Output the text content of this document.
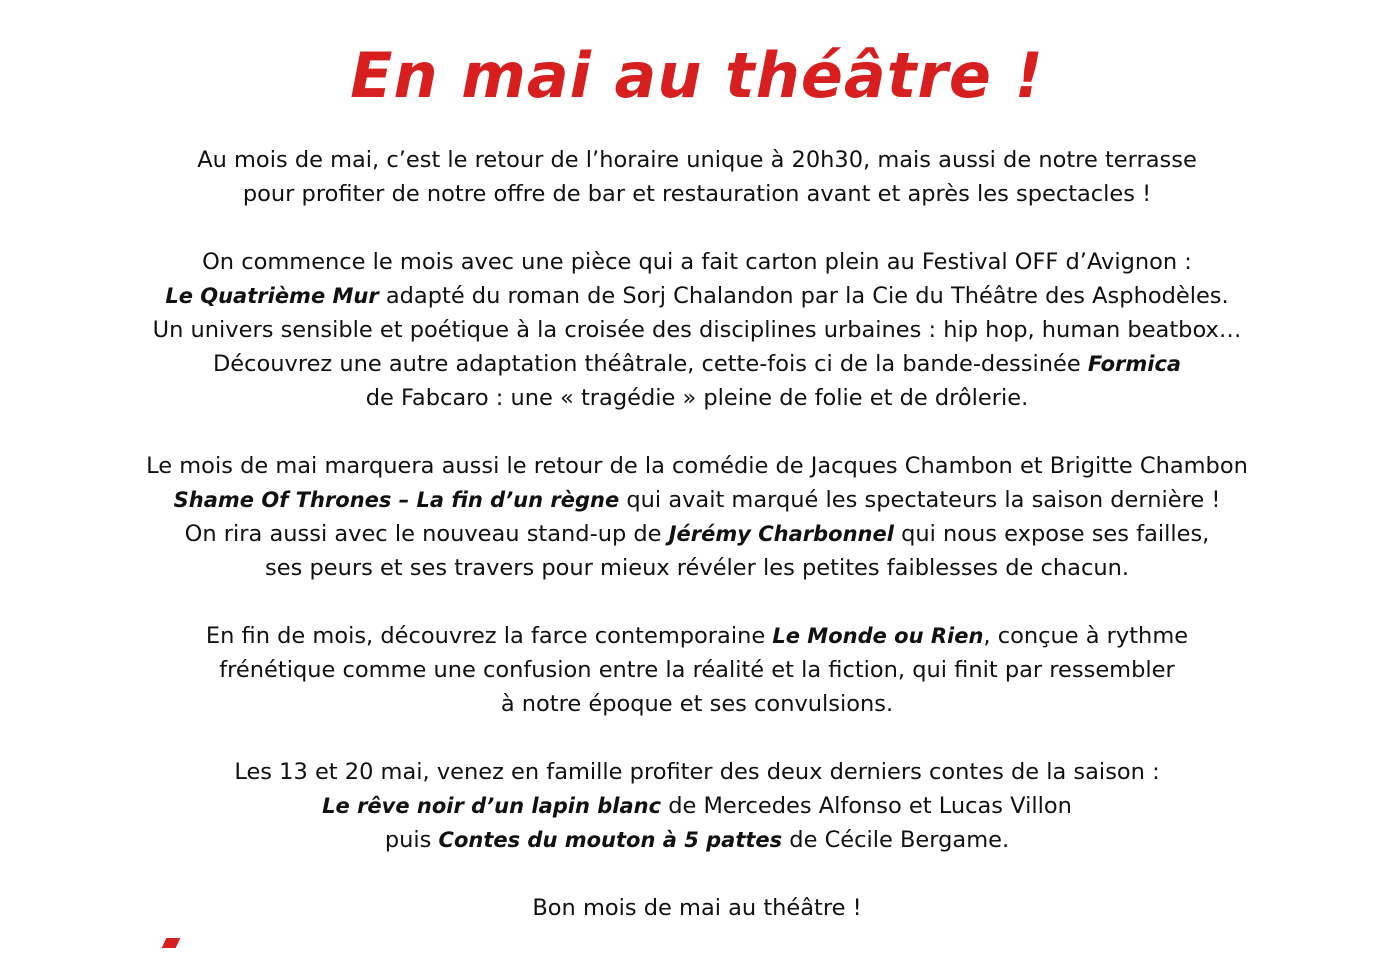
En mai au théâtre !

Au mois de mai, c’est le retour de l’horaire unique à 20h30, mais aussi de notre terrasse
pour profiter de notre offre de bar et restauration avant et après les spectacles !

On commence le mois avec une pièce qui a fait carton plein au Festival OFF d’Avignon :
Le Quatrième Mur adapté du roman de Sorj Chalandon par la Cie du Théâtre des Asphodèles.
Un univers sensible et poétique à la croisée des disciplines urbaines : hip hop, human beatbox…
Découvrez une autre adaptation théâtrale, cette-fois ci de la bande-dessinée Formica
de Fabcaro : une « tragédie » pleine de folie et de drôlerie.

Le mois de mai marquera aussi le retour de la comédie de Jacques Chambon et Brigitte Chambon
Shame Of Thrones – La fin d’un règne qui avait marqué les spectateurs la saison dernière !
On rira aussi avec le nouveau stand-up de Jérémy Charbonnel qui nous expose ses failles,
ses peurs et ses travers pour mieux révéler les petites faiblesses de chacun.

En fin de mois, découvrez la farce contemporaine Le Monde ou Rien, conçue à rythme
frénétique comme une confusion entre la réalité et la fiction, qui finit par ressembler
à notre époque et ses convulsions.

Les 13 et 20 mai, venez en famille profiter des deux derniers contes de la saison :
Le rêve noir d’un lapin blanc de Mercedes Alfonso et Lucas Villon
puis Contes du mouton à 5 pattes de Cécile Bergame.

Bon mois de mai au théâtre !
